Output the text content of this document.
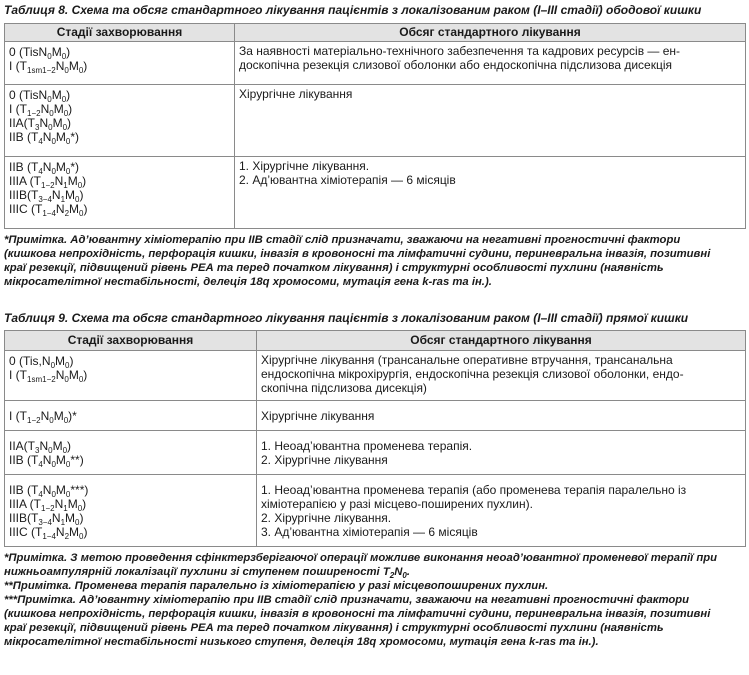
Таблиця 8. Схема та обсяг стандартного лікування пацієнтів з локалізованим раком (I–III стадії) ободової кишки

Стадії захворювання	Обсяг стандартного лікування

0 $(TisN_0M_0)$
I $(T_{1sm1-2}N_0M_0)$	За наявності матеріально-технічного забезпечення та кадрових ресурсів — ен-
доскопічна резекція слизової оболонки або ендоскопічна підслизова дисекція

0 $(TisN_0M_0)$
I $(T_{1-2}N_0M_0)$
$IIA(T_3N_0M_0)$
IIB $(T_4N_0M_0*)$	Хірургічне лікування

IIB $(T_4N_0M_0*)$
IIIA $(T_{1-2}N_1M_0)$
$IIIB(T_{3-4}N_1M_0)$
IIIC $(T_{1-4}N_2M_0)$	1. Хірургічне лікування.
2. Ад’ювантна хіміотерапія — 6 місяців
*Примітка. Ад’ювантну хіміотерапію при IIB стадії слід призначати, зважаючи на негативні прогностичні фактори
(кишкова непрохідність, перфорація кишки, інвазія в кровоносні та лімфатичні судини, периневральна інвазія, позитивні
краї резекції, підвищений рівень РЕА та перед початком лікування) і структурні особливості пухлини (наявність
мікросателітної нестабільності, делеція 18q хромосоми, мутація гена k-ras та ін.).

Таблиця 9. Схема та обсяг стандартного лікування пацієнтів з локалізованим раком (I–III стадії) прямої кишки

Стадії захворювання	Обсяг стандартного лікування

0 $(Tis,N_0M_0)$
I $(T_{1sm1-2}N_0M_0)$	Хірургічне лікування (трансанальне оперативне втручання, трансанальна
ендоскопічна мікрохірургія, ендоскопічна резекція слизової оболонки, ендо-
скопічна підслизова дисекція)

I $(T_{1-2}N_0M_0)*$	Хірургічне лікування

$IIA(T_3N_0M_0)$
IIB $(T_4N_0M_0**)$	1. Неоад’ювантна променева терапія.
2. Хірургічне лікування

IIB $(T_4N_0M_0***)$
IIIA $(T_{1-2}N_1M_0)$
$IIIB(T_{3-4}N_1M_0)$
IIIC $(T_{1-4}N_2M_0)$	1. Неоад’ювантна променева терапія (або променева терапія паралельно із
хіміотерапією у разі місцево-поширених пухлин).
2. Хірургічне лікування.
3. Ад’ювантна хіміотерапія — 6 місяців
*Примітка. З метою проведення сфінктерзберігаючої операції можливе виконання неоад’ювантної променевої терапії при
нижньоампулярній локалізації пухлини зі ступенем поширеності $T_2N_0$.
**Примітка. Променева терапія паралельно із хіміотерапією у разі місцевопоширених пухлин.
***Примітка. Ад’ювантну хіміотерапію при IIB стадії слід призначати, зважаючи на негативні прогностичні фактори
(кишкова непрохідність, перфорація кишки, інвазія в кровоносні та лімфатичні судини, периневральна інвазія, позитивні
краї резекції, підвищений рівень РЕА та перед початком лікування) і структурні особливості пухлини (наявність
мікросателітної нестабільності низького ступеня, делеція 18q хромосоми, мутація гена k-ras та ін.).
